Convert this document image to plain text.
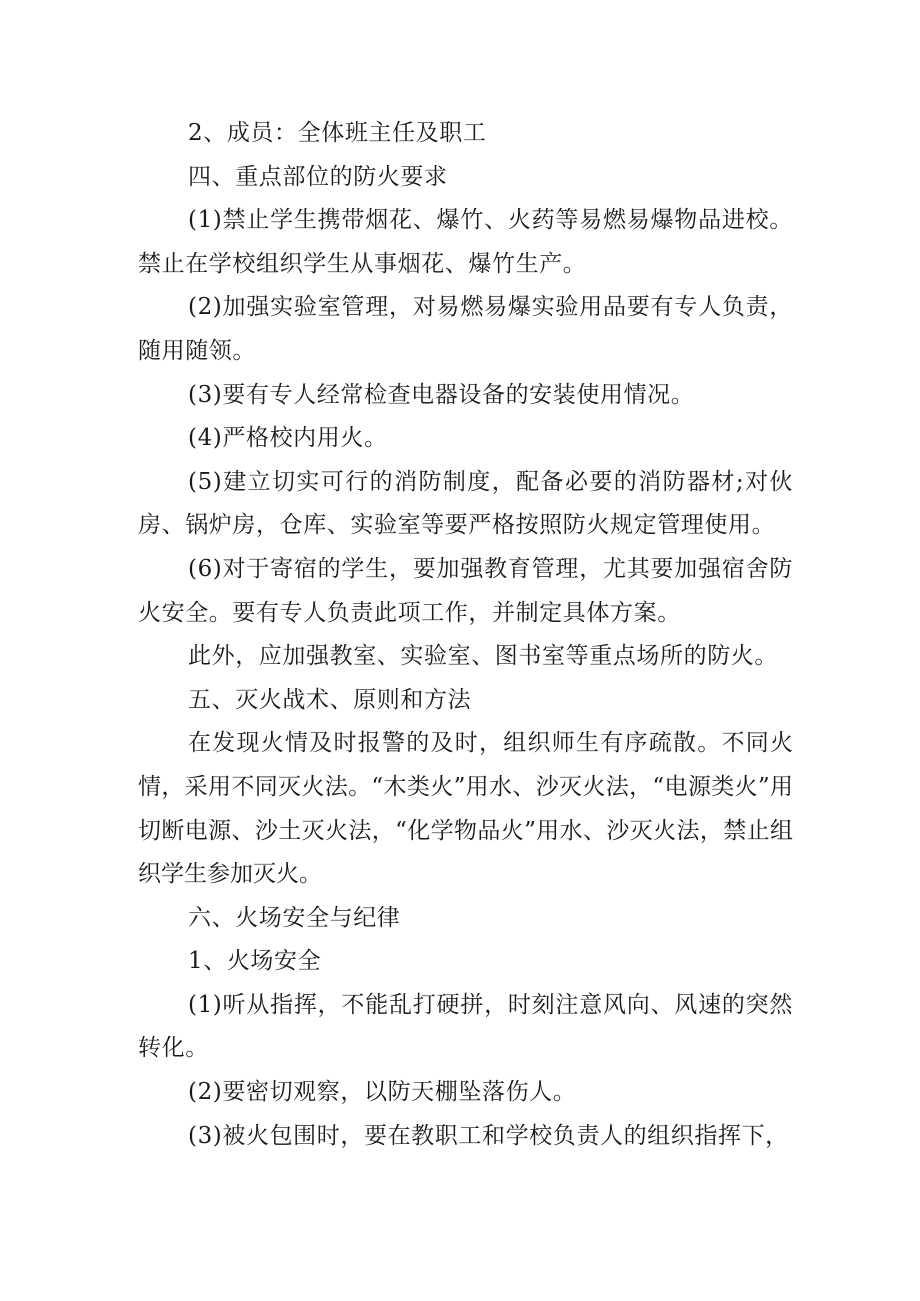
2、成员：全体班主任及职工

四、重点部位的防火要求

(1)禁止学生携带烟花、爆竹、火药等易燃易爆物品进校。禁止在学校组织学生从事烟花、爆竹生产。

(2)加强实验室管理，对易燃易爆实验用品要有专人负责，随用随领。

(3)要有专人经常检查电器设备的安装使用情况。

(4)严格校内用火。

(5)建立切实可行的消防制度，配备必要的消防器材;对伙房、锅炉房，仓库、实验室等要严格按照防火规定管理使用。

(6)对于寄宿的学生，要加强教育管理，尤其要加强宿舍防火安全。要有专人负责此项工作，并制定具体方案。

此外，应加强教室、实验室、图书室等重点场所的防火。

五、灭火战术、原则和方法

在发现火情及时报警的及时，组织师生有序疏散。不同火情，采用不同灭火法。“木类火”用水、沙灭火法，“电源类火”用切断电源、沙土灭火法，“化学物品火”用水、沙灭火法，禁止组织学生参加灭火。

六、火场安全与纪律

1、火场安全

(1)听从指挥，不能乱打硬拼，时刻注意风向、风速的突然转化。

(2)要密切观察，以防天棚坠落伤人。

(3)被火包围时，要在教职工和学校负责人的组织指挥下，
